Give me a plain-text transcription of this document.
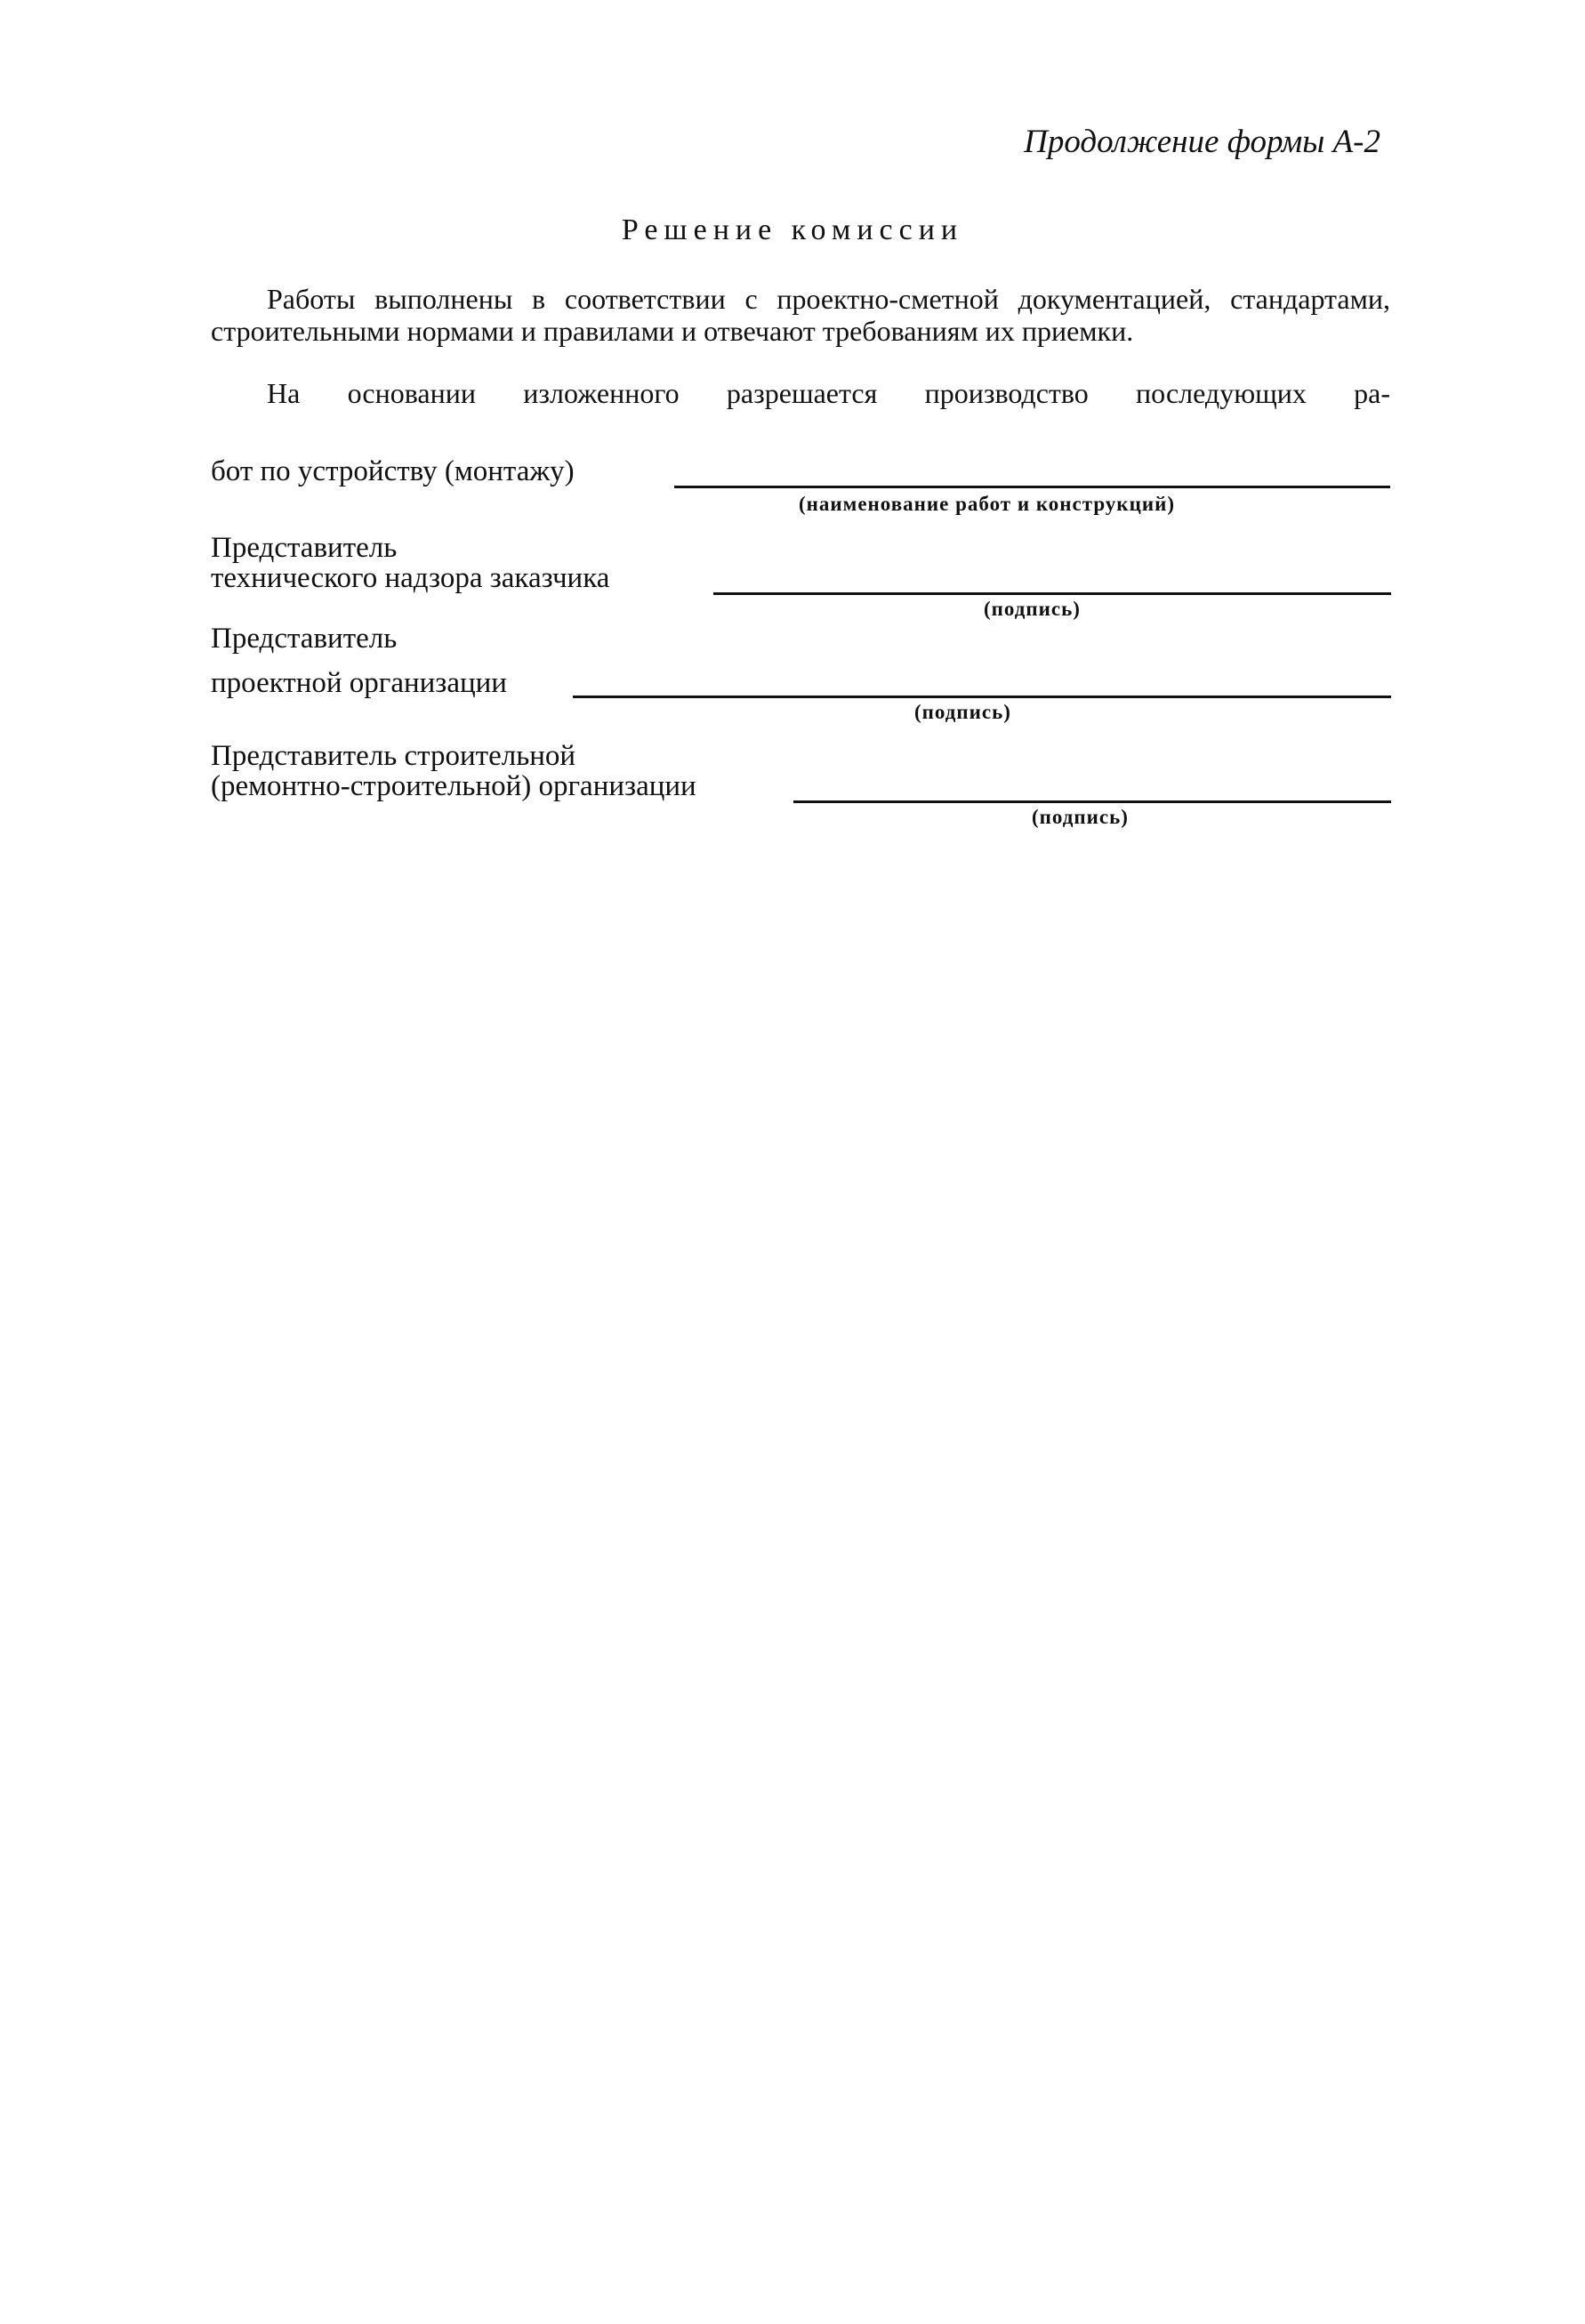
Продолжение формы А-2
Решение комиссии
Работы выполнены в соответствии с проектно-сметной документацией, стандартами, строительными нормами и правилами и отвечают требованиям их приемки.
На основании изложенного разрешается производство последующих ра-
бот по устройству (монтажу)
(наименование работ и конструкций)
Представитель
технического надзора заказчика
(подпись)
Представитель
проектной организации
(подпись)
Представитель строительной
(ремонтно-строительной) организации
(подпись)
